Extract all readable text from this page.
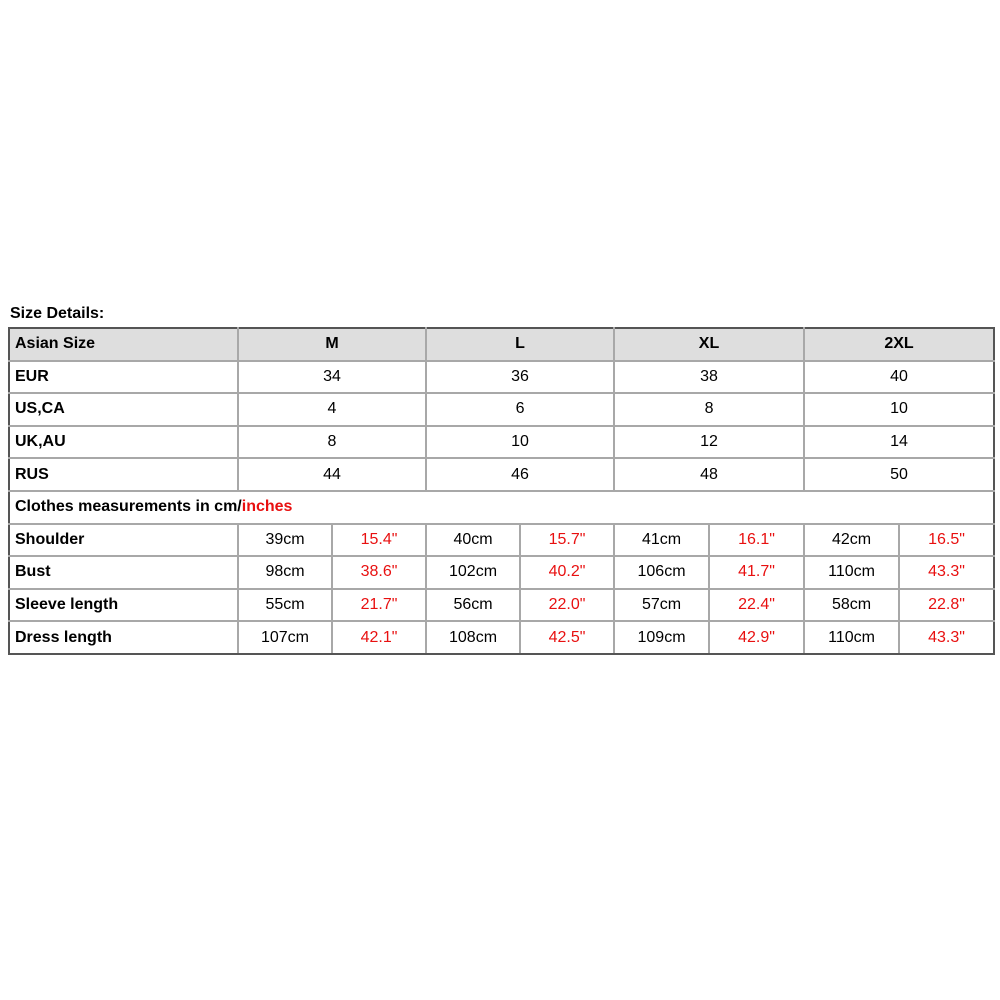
Size Details:
Asian Size	M		L		XL		2XL	
EUR	34		36		38		40	
US,CA	4		6		8		10	
UK,AU	8		10		12		14	
RUS	44		46		48		50	
Clothes measurements in cm/inches								
Shoulder	39cm	15.4"	40cm	15.7"	41cm	16.1"	42cm	16.5"
Bust	98cm	38.6"	102cm	40.2"	106cm	41.7"	110cm	43.3"
Sleeve length	55cm	21.7"	56cm	22.0"	57cm	22.4"	58cm	22.8"
Dress length	107cm	42.1"	108cm	42.5"	109cm	42.9"	110cm	43.3"
